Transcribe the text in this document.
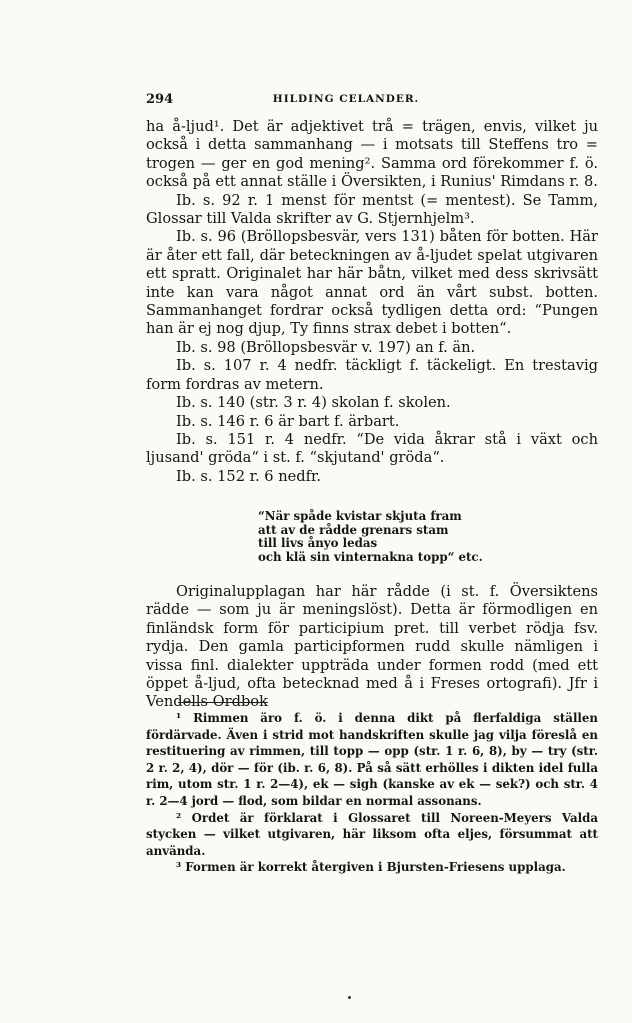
294	HILDING CELANDER.

ha å-ljud¹. Det är adjektivet trå = trägen, envis, vilket ju också i detta sammanhang — i motsats till Steffens tro = trogen — ger en god mening². Samma ord förekommer f. ö. också på ett annat ställe i Översikten, i Runius' Rimdans r. 8.

Ib. s. 92 r. 1 menst för mentst (= mentest). Se Tamm, Glossar till Valda skrifter av G. Stjernhjelm³.

Ib. s. 96 (Bröllopsbesvär, vers 131) båten för botten. Här är åter ett fall, där beteckningen av å-ljudet spelat utgivaren ett spratt. Originalet har här båtn, vilket med dess skrivsätt inte kan vara något annat ord än vårt subst. botten. Sammanhanget fordrar också tydligen detta ord: “Pungen han är ej nog djup, Ty finns strax debet i botten“.

Ib. s. 98 (Bröllopsbesvär v. 197) an f. än.

Ib. s. 107 r. 4 nedfr. täckligt f. täckeligt. En trestavig form fordras av metern.

Ib. s. 140 (str. 3 r. 4) skolan f. skolen.

Ib. s. 146 r. 6 är bart f. ärbart.

Ib. s. 151 r. 4 nedfr. “De vida åkrar stå i växt och ljusand' gröda“ i st. f. “skjutand' gröda“.

Ib. s. 152 r. 6 nedfr.

“När spåde kvistar skjuta fram
att av de rådde grenars stam
till livs ånyo ledas
och klä sin vinternakna topp“ etc.

Originalupplagan har här rådde (i st. f. Översiktens rädde — som ju är meningslöst). Detta är förmodligen en finländsk form för participium pret. till verbet rödja fsv. rydja. Den gamla participformen rudd skulle nämligen i vissa finl. dialekter uppträda under formen rodd (med ett öppet å-ljud, ofta betecknad med å i Freses ortografi). Jfr i Vendells Ordbok

¹ Rimmen äro f. ö. i denna dikt på flerfaldiga ställen fördärvade. Även i strid mot handskriften skulle jag vilja föreslå en restituering av rimmen, till topp — opp (str. 1 r. 6, 8), by — try (str. 2 r. 2, 4), dör — för (ib. r. 6, 8). På så sätt erhölles i dikten idel fulla rim, utom str. 1 r. 2—4), ek — sigh (kanske av ek — sek?) och str. 4 r. 2—4 jord — flod, som bildar en normal assonans.

² Ordet är förklarat i Glossaret till Noreen-Meyers Valda stycken — vilket utgivaren, här liksom ofta eljes, försummat att använda.

³ Formen är korrekt återgiven i Bjursten-Friesens upplaga.
